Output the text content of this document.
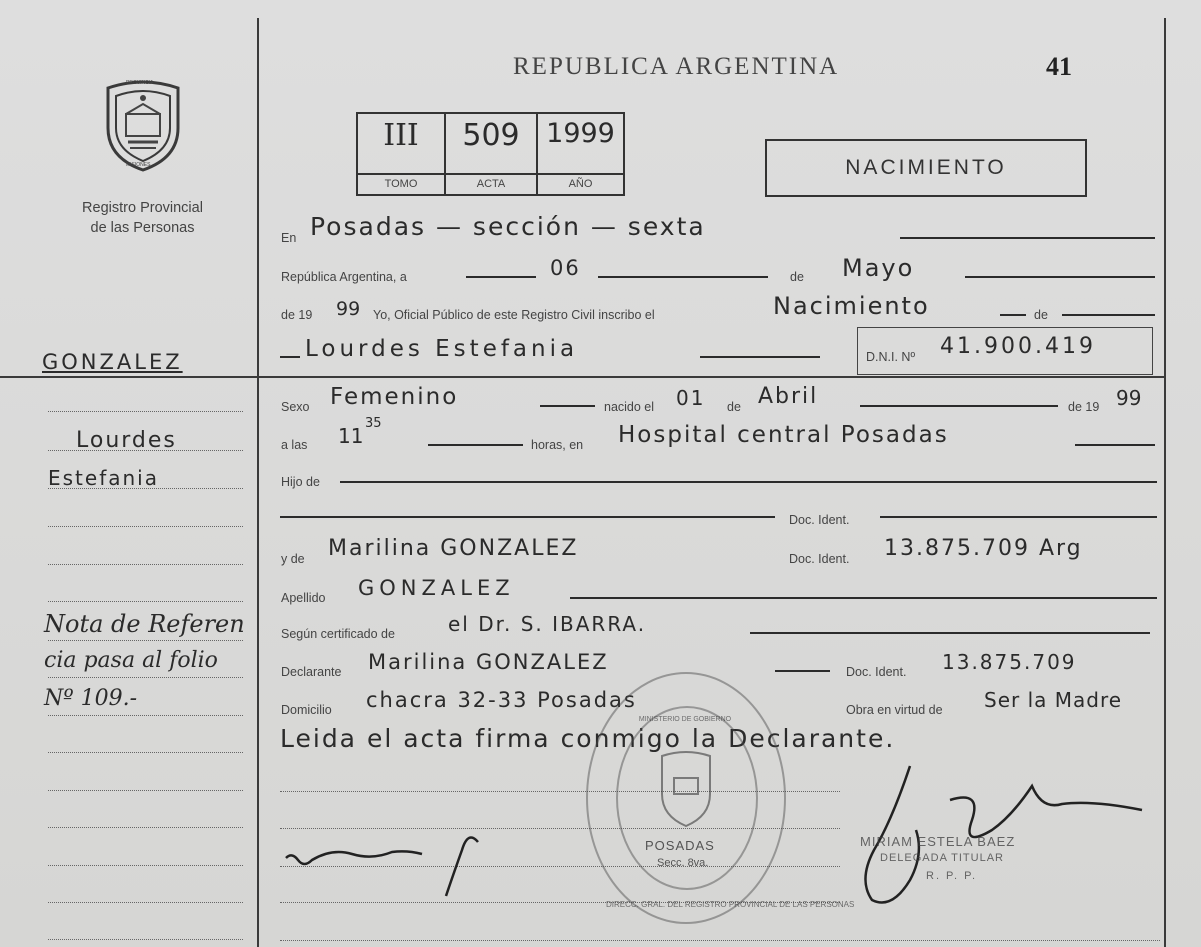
REPUBLICA ARGENTINA	41
PROVINCIA
MISIONES
Registro Provincial
de las Personas
III
TOMO
509
ACTA
1999
AÑO
NACIMIENTO
En Posadas — sección — sexta
República Argentina, a	06	de Mayo
de 19 99 Yo, Oficial Público de este Registro Civil inscribo el	Nacimiento	de
Lourdes Estefania	D.N.I. Nº 41.900.419
Sexo Femenino	nacido el 01 de Abril	de 19 99
a las 11
35
horas, en Hospital central Posadas
Hijo de
Doc. Ident.
y de Marilina GONZALEZ	Doc. Ident. 13.875.709 Arg
Apellido GONZALEZ
Según certificado de	el Dr. S. IBARRA.
Declarante Marilina GONZALEZ	Doc. Ident. 13.875.709
Domicilio chacra 32-33 Posadas	Obra en virtud de Ser la Madre
Leida el acta firma conmigo la Declarante.
DIRECC. GRAL. DEL REGISTRO PROVINCIAL DE LAS PERSONAS
MINISTERIO DE GOBIERNO
POSADAS
Secc. 8va.
MIRIAM ESTELA BAEZ
DELEGADA TITULAR
R. P. P.
GONZALEZ
Lourdes
Estefania
Nota de Referen
cia pasa al folio
Nº 109.-
